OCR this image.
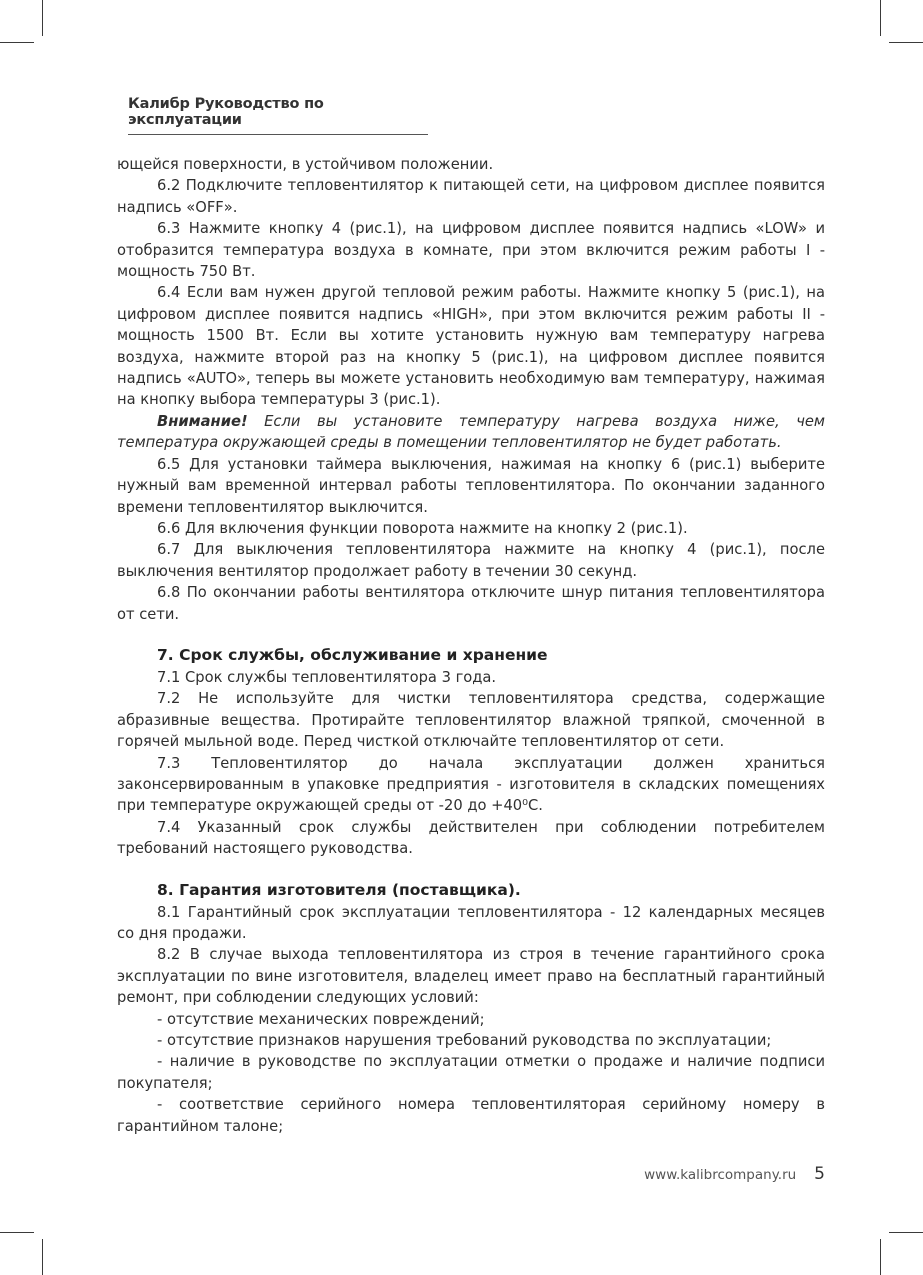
Калибр Руководство по эксплуатации

ющейся поверхности, в устойчивом положении.

6.2 Подключите тепловентилятор к питающей сети, на цифровом дисплее появится надпись «OFF».

6.3 Нажмите кнопку 4 (рис.1), на цифровом дисплее появится надпись «LOW» и отобразится температура воздуха в комнате, при этом включится режим работы I - мощность 750 Вт.

6.4 Если вам нужен другой тепловой режим работы. Нажмите кнопку 5 (рис.1), на цифровом дисплее появится надпись «HIGH», при этом включится режим работы II - мощность 1500 Вт. Если вы хотите установить нужную вам температуру нагрева воздуха, нажмите второй раз на кнопку 5 (рис.1), на цифровом дисплее появится надпись «AUTO», теперь вы можете установить необходимую вам температуру, нажимая на кнопку выбора температуры 3 (рис.1).

Внимание! Если вы установите температуру нагрева воздуха ниже, чем температура окружающей среды в помещении тепловентилятор не будет работать.

6.5 Для установки таймера выключения, нажимая на кнопку 6 (рис.1) выберите нужный вам временной интервал работы тепловентилятора. По окончании заданного времени тепловентилятор выключится.

6.6 Для включения функции поворота нажмите на кнопку 2 (рис.1).

6.7 Для выключения тепловентилятора нажмите на кнопку 4 (рис.1), после выключения вентилятор продолжает работу в течении 30 секунд.

6.8 По окончании работы вентилятора отключите шнур питания тепловентилятора от сети.

7. Срок службы, обслуживание и хранение

7.1 Срок службы тепловентилятора 3 года.

7.2 Не используйте для чистки тепловентилятора средства, содержащие абразивные вещества. Протирайте тепловентилятор влажной тряпкой, смоченной в горячей мыльной воде. Перед чисткой отключайте тепловентилятор от сети.

7.3 Тепловентилятор до начала эксплуатации должен храниться законсервированным в упаковке предприятия - изготовителя в складских помещениях при температуре окружающей среды от -20 до +40⁰С.

7.4 Указанный срок службы действителен при соблюдении потребителем требований настоящего руководства.

8. Гарантия изготовителя (поставщика).

8.1 Гарантийный срок эксплуатации тепловентилятора - 12 календарных месяцев со дня продажи.

8.2 В случае выхода тепловентилятора из строя в течение гарантийного срока эксплуатации по вине изготовителя, владелец имеет право на бесплатный гарантийный ремонт, при соблюдении следующих условий:

- отсутствие механических повреждений;

- отсутствие признаков нарушения требований руководства по эксплуатации;

- наличие в руководстве по эксплуатации отметки о продаже и наличие подписи покупателя;

- соответствие серийного номера тепловентиляторая серийному номеру в гарантийном талоне;

www.kalibrcompany.ru 5
